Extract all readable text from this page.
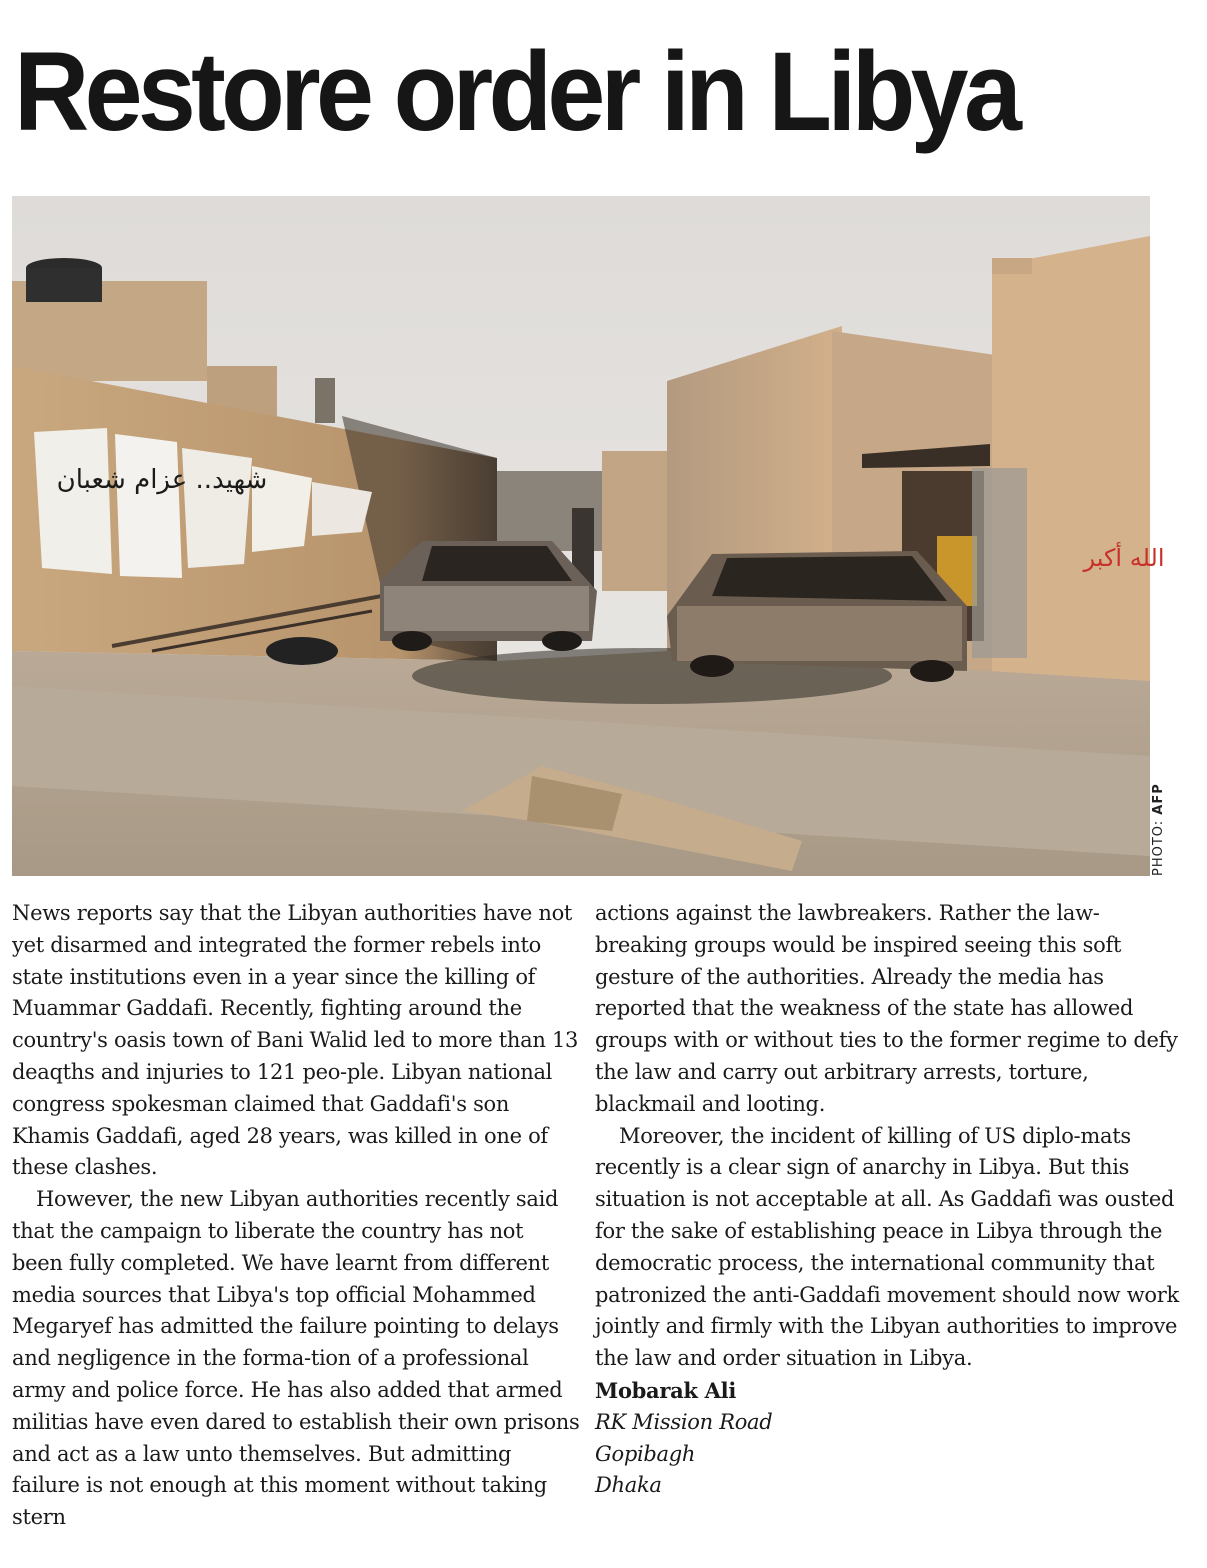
Restore order in Libya
شهيد.. عزام شعبان
الله أكبر
PHOTO: AFP

News reports say that the Libyan authorities have not yet disarmed and integrated the former rebels into state institutions even in a year since the killing of Muammar Gaddafi. Recently, fighting around the country's oasis town of Bani Walid led to more than 13 deaqths and injuries to 121 peo-ple. Libyan national congress spokesman claimed that Gaddafi's son Khamis Gaddafi, aged 28 years, was killed in one of these clashes.

However, the new Libyan authorities recently said that the campaign to liberate the country has not been fully completed. We have learnt from different media sources that Libya's top official Mohammed Megaryef has admitted the failure pointing to delays and negligence in the forma-tion of a professional army and police force. He has also added that armed militias have even dared to establish their own prisons and act as a law unto themselves. But admitting failure is not enough at this moment without taking stern

actions against the lawbreakers. Rather the law-breaking groups would be inspired seeing this soft gesture of the authorities. Already the media has reported that the weakness of the state has allowed groups with or without ties to the former regime to defy the law and carry out arbitrary arrests, torture, blackmail and looting.

Moreover, the incident of killing of US diplo-mats recently is a clear sign of anarchy in Libya. But this situation is not acceptable at all. As Gaddafi was ousted for the sake of establishing peace in Libya through the democratic process, the international community that patronized the anti-Gaddafi movement should now work jointly and firmly with the Libyan authorities to improve the law and order situation in Libya.

Mobarak Ali
RK Mission Road
Gopibagh
Dhaka
